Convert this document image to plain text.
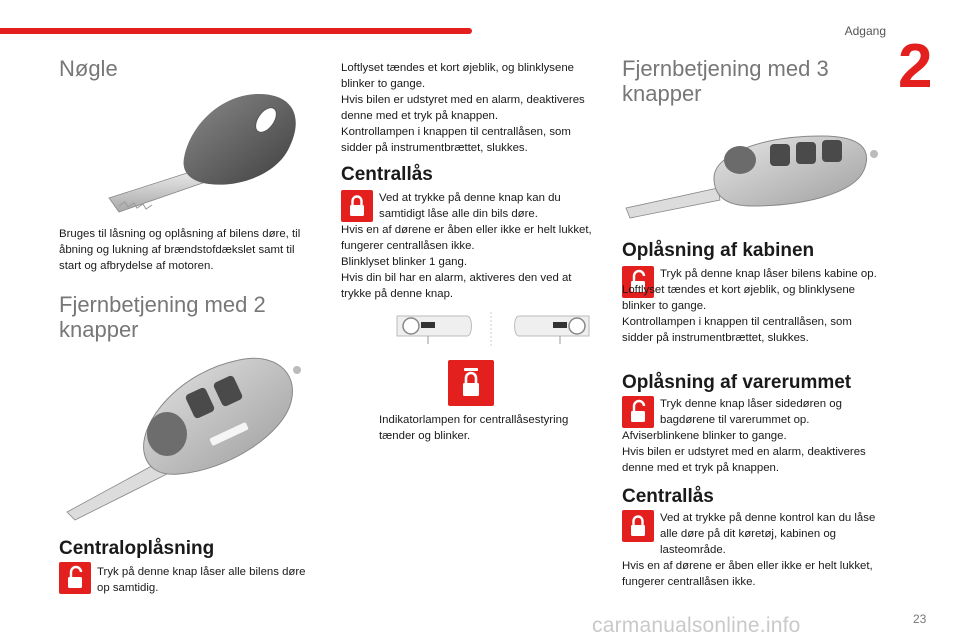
Adgang
2
Nøgle

Bruges til låsning og oplåsning af bilens døre, til åbning og lukning af brændstofdækslet samt til start og afbrydelse af motoren.

Fjernbetjening med 2 knapper
Centraloplåsning

Tryk på denne knap låser alle bilens døre op samtidig.

Loftlyset tændes et kort øjeblik, og blinklysene blinker to gange.
Hvis bilen er udstyret med en alarm, deaktiveres denne med et tryk på knappen.
Kontrollampen i knappen til centrallåsen, som sidder på instrumentbrættet, slukkes.

Centrallås

Ved at trykke på denne knap kan du samtidigt låse alle din bils døre.
Hvis en af dørene er åben eller ikke er helt lukket, fungerer centrallåsen ikke.
Blinklyset blinker 1 gang.
Hvis din bil har en alarm, aktiveres den ved at trykke på denne knap.

Indikatorlampen for centrallåsestyring tænder og blinker.

Fjernbetjening med 3 knapper
Oplåsning af kabinen

Tryk på denne knap låser bilens kabine op.
Loftlyset tændes et kort øjeblik, og blinklysene blinker to gange.
Kontrollampen i knappen til centrallåsen, som sidder på instrumentbrættet, slukkes.

Oplåsning af varerummet

Tryk denne knap låser sidedøren og bagdørene til varerummet op.
Afviserblinkene blinker to gange.
Hvis bilen er udstyret med en alarm, deaktiveres denne med et tryk på knappen.

Centrallås

Ved at trykke på denne kontrol kan du låse alle døre på dit køretøj, kabinen og lasteområde.
Hvis en af dørene er åben eller ikke er helt lukket, fungerer centrallåsen ikke.

carmanualsonline.info	23
